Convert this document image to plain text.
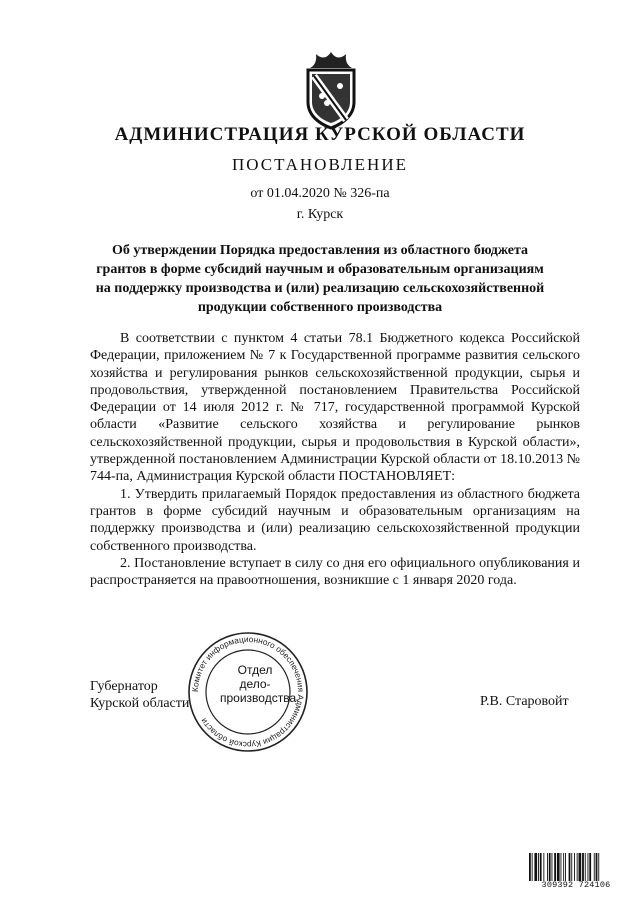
АДМИНИСТРАЦИЯ КУРСКОЙ ОБЛАСТИ
ПОСТАНОВЛЕНИЕ
от 01.04.2020 № 326-па
г. Курск
Об утверждении Порядка предоставления из областного бюджета грантов в форме субсидий научным и образовательным организациям на поддержку производства и (или) реализацию сельскохозяйственной продукции собственного производства

В соответствии с пунктом 4 статьи 78.1 Бюджетного кодекса Российской Федерации, приложением № 7 к Государственной программе развития сельского хозяйства и регулирования рынков сельскохозяйственной продукции, сырья и продовольствия, утвержденной постановлением Правительства Российской Федерации от 14 июля 2012 г. № 717, государственной программой Курской области «Развитие сельского хозяйства и регулирование рынков сельскохозяйственной продукции, сырья и продовольствия в Курской области», утвержденной постановлением Администрации Курской области от 18.10.2013 № 744-па, Администрация Курской области ПОСТАНОВЛЯЕТ:

1. Утвердить прилагаемый Порядок предоставления из областного бюджета грантов в форме субсидий научным и образовательным организациям на поддержку производства и (или) реализацию сельскохозяйственной продукции собственного производства.

2. Постановление вступает в силу со дня его официального опубликования и распространяется на правоотношения, возникшие с 1 января 2020 года.

Губернатор
Курской области
Комитет информационного обеспечения Администрации Курской области
Отдел
дело-
производства	Р.В. Старовойт
309392 724106
